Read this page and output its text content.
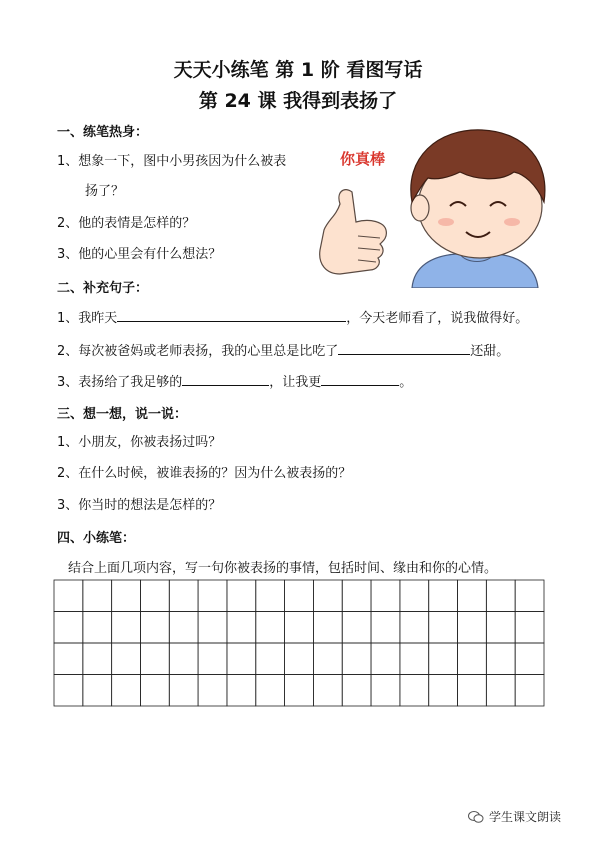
天天小练笔 第 1 阶 看图写话
第 24 课 我得到表扬了
一、练笔热身：
1、想象一下，图中小男孩因为什么被表
扬了？
2、他的表情是怎样的？
3、他的心里会有什么想法？
你真棒
二、补充句子：
1、我昨天	，今天老师看了，说我做得好。
2、每次被爸妈或老师表扬，我的心里总是比吃了	还甜。
3、表扬给了我足够的	，让我更	。
三、想一想，说一说：
1、小朋友，你被表扬过吗？
2、在什么时候，被谁表扬的？因为什么被表扬的？
3、你当时的想法是怎样的？
四、小练笔：
结合上面几项内容，写一句你被表扬的事情，包括时间、缘由和你的心情。
学生课文朗读
